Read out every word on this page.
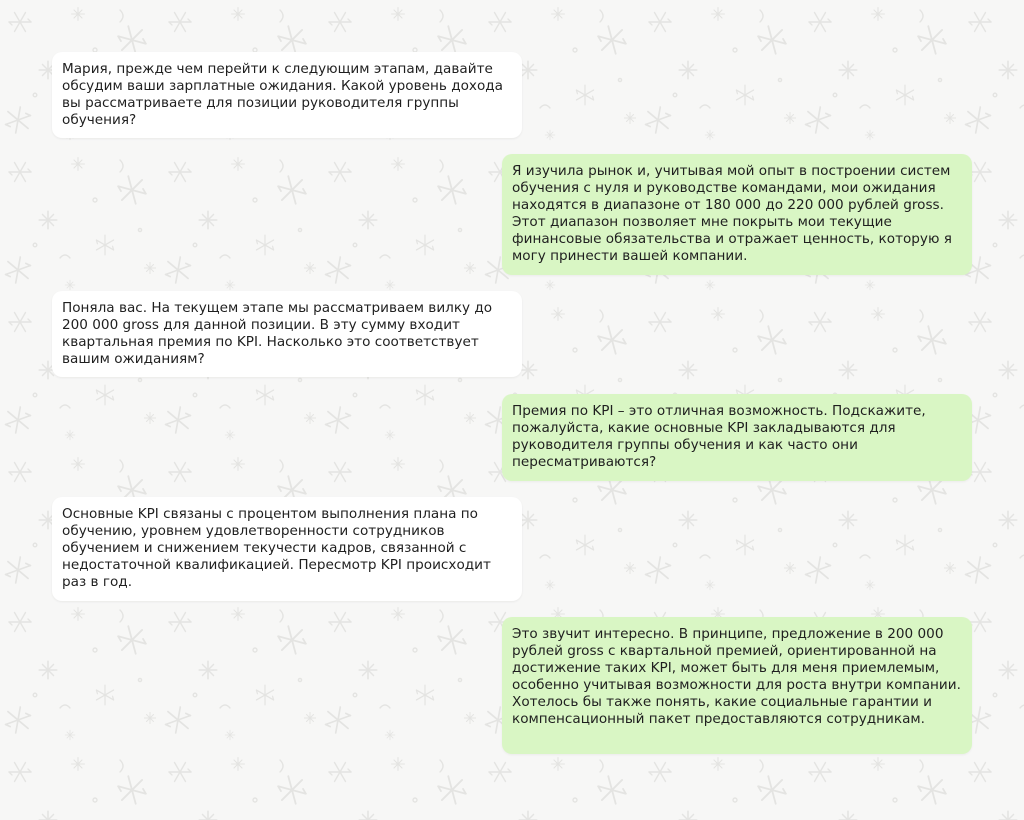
Мария, прежде чем перейти к следующим этапам, давайте обсудим ваши зарплатные ожидания. Какой уровень дохода вы рассматриваете для позиции руководителя группы обучения?
Я изучила рынок и, учитывая мой опыт в построении систем обучения с нуля и руководстве командами, мои ожидания находятся в диапазоне от 180 000 до 220 000 рублей gross. Этот диапазон позволяет мне покрыть мои текущие финансовые обязательства и отражает ценность, которую я могу принести вашей компании.
Поняла вас. На текущем этапе мы рассматриваем вилку до 200 000 gross для данной позиции. В эту сумму входит квартальная премия по KPI. Насколько это соответствует вашим ожиданиям?
Премия по KPI – это отличная возможность. Подскажите, пожалуйста, какие основные KPI закладываются для руководителя группы обучения и как часто они пересматриваются?
Основные KPI связаны с процентом выполнения плана по обучению, уровнем удовлетворенности сотрудников обучением и снижением текучести кадров, связанной с недостаточной квалификацией. Пересмотр KPI происходит раз в год.
Это звучит интересно. В принципе, предложение в 200 000 рублей gross с квартальной премией, ориентированной на достижение таких KPI, может быть для меня приемлемым, особенно учитывая возможности для роста внутри компании. Хотелось бы также понять, какие социальные гарантии и компенсационный пакет предоставляются сотрудникам.
